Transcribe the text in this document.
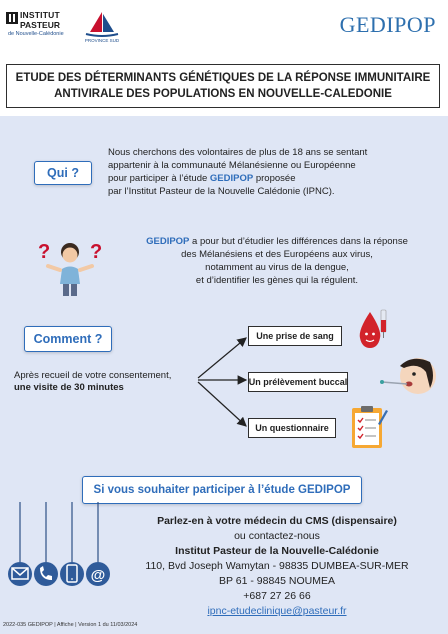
INSTITUT
PASTEUR
de Nouvelle-Calédonie
PROVINCE SUD
GEDIPOP
ETUDE DES DÉTERMINANTS GÉNÉTIQUES DE LA RÉPONSE IMMUNITAIRE
ANTIVIRALE DES POPULATIONS EN NOUVELLE-CALEDONIE
Qui ?

Nous cherchons des volontaires de plus de 18 ans se sentant

appartenir à la communauté Mélanésienne ou Européenne

pour participer à l’étude GEDIPOP proposée

par l’Institut Pasteur de la Nouvelle Calédonie (IPNC).

? ?	GEDIPOP a pour but d’étudier les différences dans la réponse

des Mélanésiens et des Européens aux virus,

notamment au virus de la dengue,

et d’identifier les gènes qui la régulent.

Comment ?

Après recueil de votre consentement,

une visite de 30 minutes

Une prise de sang
Un prélèvement buccal
Un questionnaire
Si vous souhaiter participer à l’étude GEDIPOP
@

Parlez-en à votre médecin du CMS (dispensaire)

ou contactez-nous

Institut Pasteur de la Nouvelle-Calédonie

110, Bvd Joseph Wamytan - 98835 DUMBEA-SUR-MER

BP 61 - 98845 NOUMEA

+687 27 26 66

ipnc-etudeclinique@pasteur.fr

2022-035 GEDIPOP | Affiche | Version 1 du 11/03/2024
